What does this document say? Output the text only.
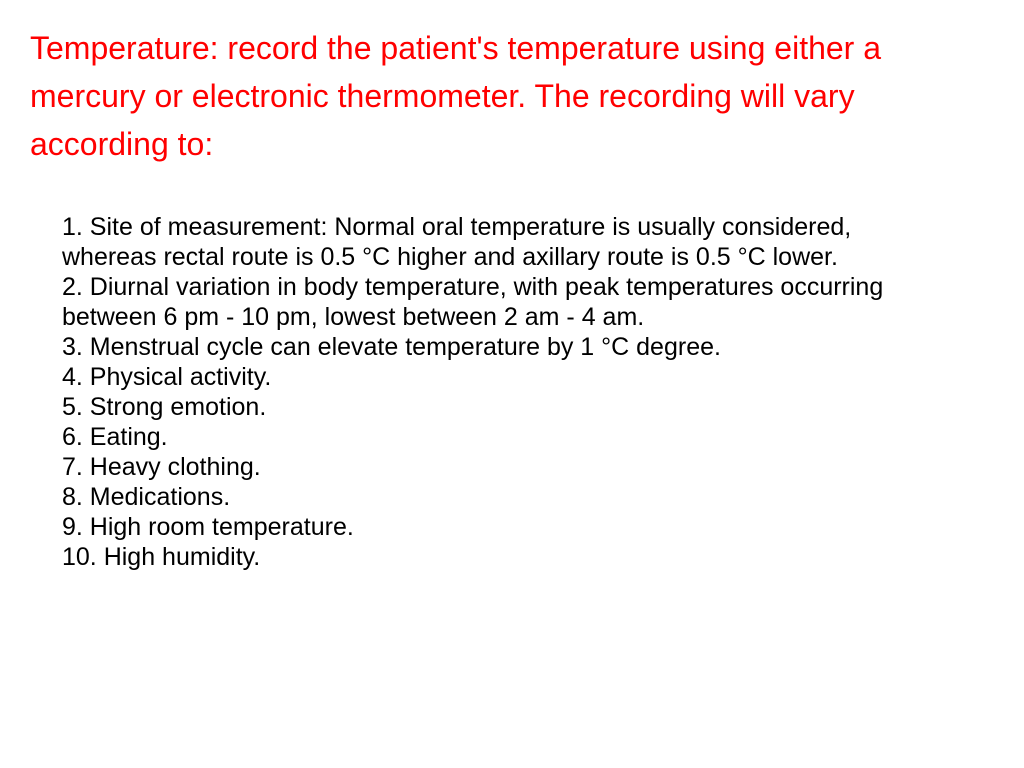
Temperature: record the patient's temperature using either a mercury or electronic thermometer. The recording will vary according to:
1. Site of measurement: Normal oral temperature is usually considered, whereas rectal route is 0.5 °C higher and axillary route is 0.5 °C lower.
2. Diurnal variation in body temperature, with peak temperatures occurring between 6 pm - 10 pm, lowest between 2 am - 4 am.
3. Menstrual cycle can elevate temperature by 1 °C degree.
4. Physical activity.
5. Strong emotion.
6. Eating.
7. Heavy clothing.
8. Medications.
9. High room temperature.
10. High humidity.
